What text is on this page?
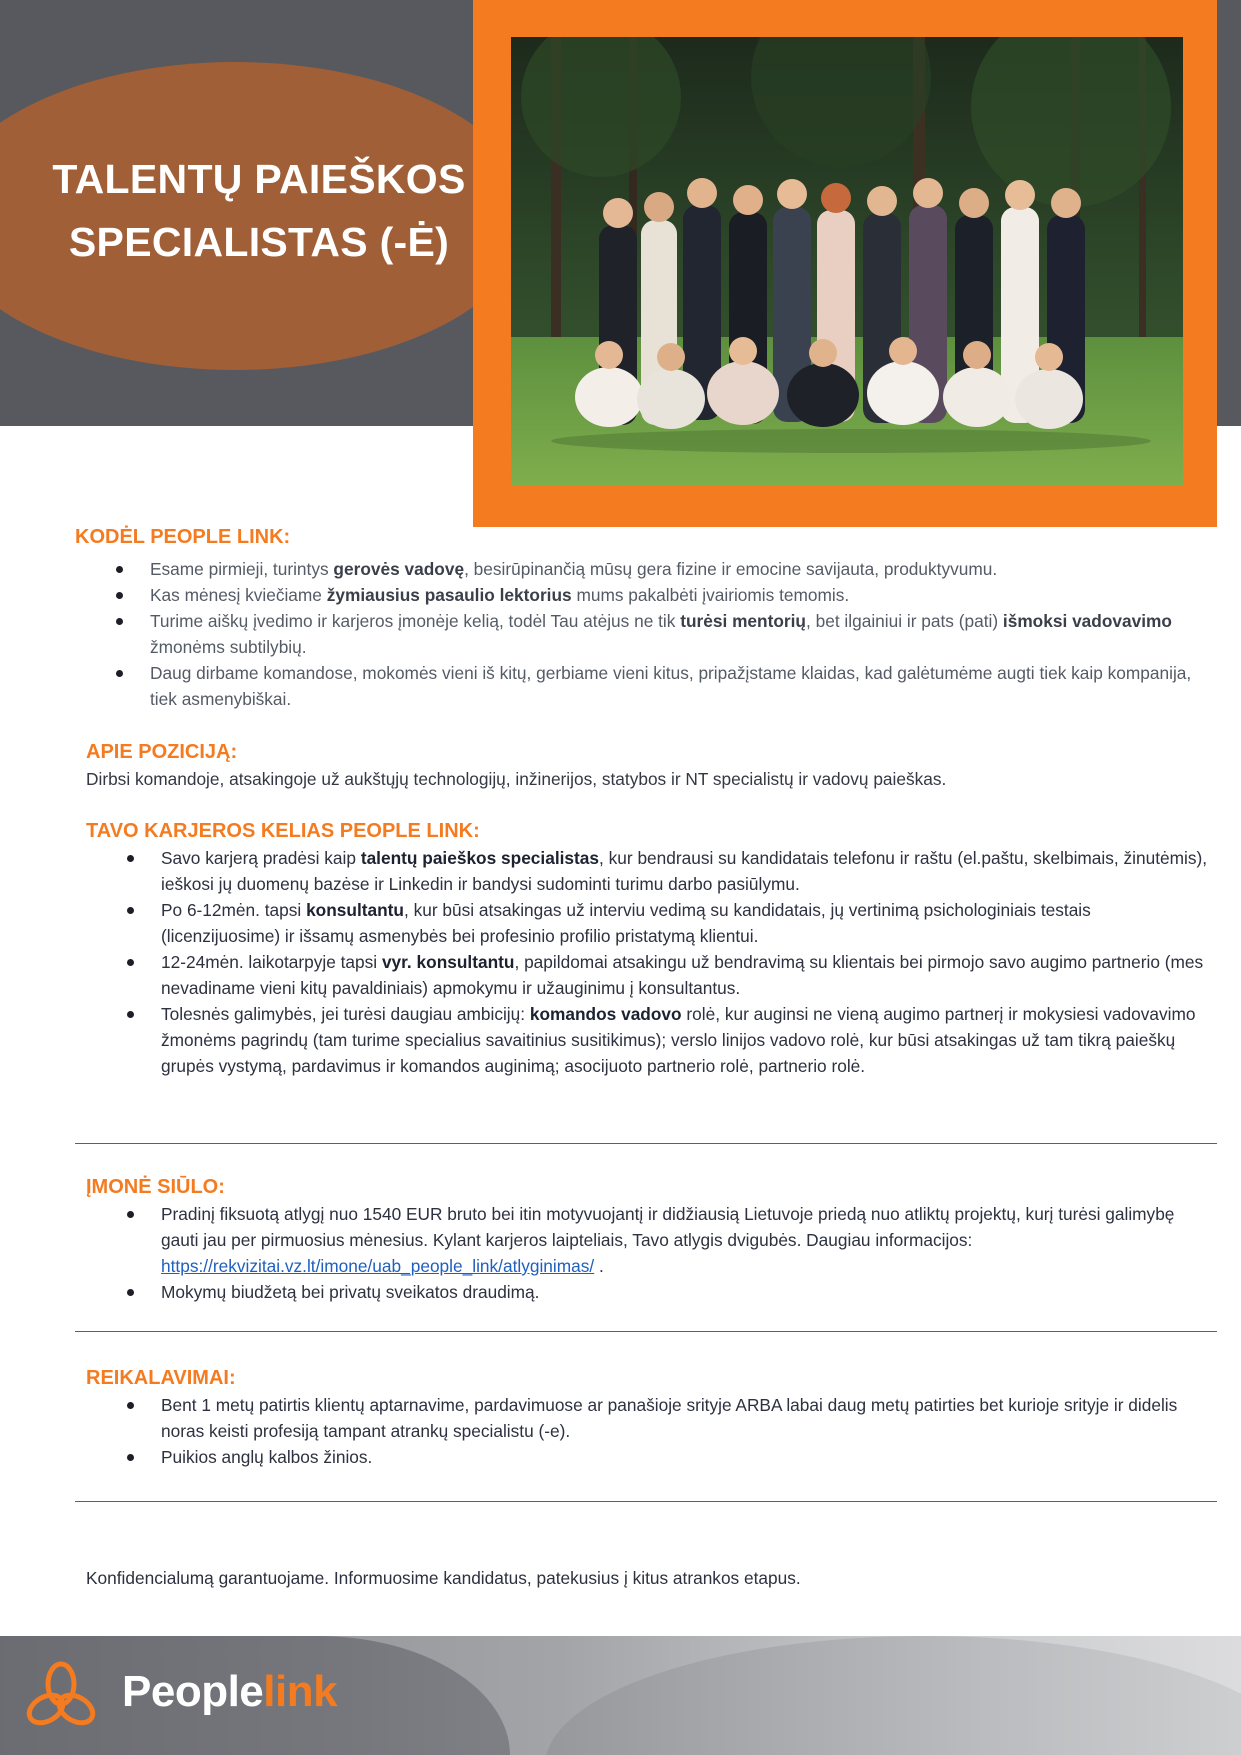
TALENTŲ PAIEŠKOS
SPECIALISTAS (-Ė)
KODĖL PEOPLE LINK:
Esame pirmieji, turintys gerovės vadovę, besirūpinančią mūsų gera fizine ir emocine savijauta, produktyvumu.
Kas mėnesį kviečiame žymiausius pasaulio lektorius mums pakalbėti įvairiomis temomis.
Turime aiškų įvedimo ir karjeros įmonėje kelią, todėl Tau atėjus ne tik turėsi mentorių, bet ilgainiui ir pats (pati) išmoksi vadovavimo žmonėms subtilybių.
Daug dirbame komandose, mokomės vieni iš kitų, gerbiame vieni kitus, pripažįstame klaidas, kad galėtumėme augti tiek kaip kompanija, tiek asmenybiškai.
APIE POZICIJĄ:

Dirbsi komandoje, atsakingoje už aukštųjų technologijų, inžinerijos, statybos ir NT specialistų ir vadovų paieškas.

TAVO KARJEROS KELIAS PEOPLE LINK:
Savo karjerą pradėsi kaip talentų paieškos specialistas, kur bendrausi su kandidatais telefonu ir raštu (el.paštu, skelbimais, žinutėmis), ieškosi jų duomenų bazėse ir Linkedin ir bandysi sudominti turimu darbo pasiūlymu.
Po 6-12mėn. tapsi konsultantu, kur būsi atsakingas už interviu vedimą su kandidatais, jų vertinimą psichologiniais testais (licenzijuosime) ir išsamų asmenybės bei profesinio profilio pristatymą klientui.
12-24mėn. laikotarpyje tapsi vyr. konsultantu, papildomai atsakingu už bendravimą su klientais bei pirmojo savo augimo partnerio (mes nevadiname vieni kitų pavaldiniais) apmokymu ir užauginimu į konsultantus.
Tolesnės galimybės, jei turėsi daugiau ambicijų: komandos vadovo rolė, kur auginsi ne vieną augimo partnerį ir mokysiesi vadovavimo žmonėms pagrindų (tam turime specialius savaitinius susitikimus); verslo linijos vadovo rolė, kur būsi atsakingas už tam tikrą paieškų grupės vystymą, pardavimus ir komandos auginimą; asocijuoto partnerio rolė, partnerio rolė.
ĮMONĖ SIŪLO:
Pradinį fiksuotą atlygį nuo 1540 EUR bruto bei itin motyvuojantį ir didžiausią Lietuvoje priedą nuo atliktų projektų, kurį turėsi galimybę gauti jau per pirmuosius mėnesius. Kylant karjeros laipteliais, Tavo atlygis dvigubės. Daugiau informacijos: https://rekvizitai.vz.lt/imone/uab_people_link/atlyginimas/ .
Mokymų biudžetą bei privatų sveikatos draudimą.
REIKALAVIMAI:
Bent 1 metų patirtis klientų aptarnavime, pardavimuose ar panašioje srityje ARBA labai daug metų patirties bet kurioje srityje ir didelis noras keisti profesiją tampant atrankų specialistu (-e).
Puikios anglų kalbos žinios.

Konfidencialumą garantuojame. Informuosime kandidatus, patekusius į kitus atrankos etapus.

Peoplelink
